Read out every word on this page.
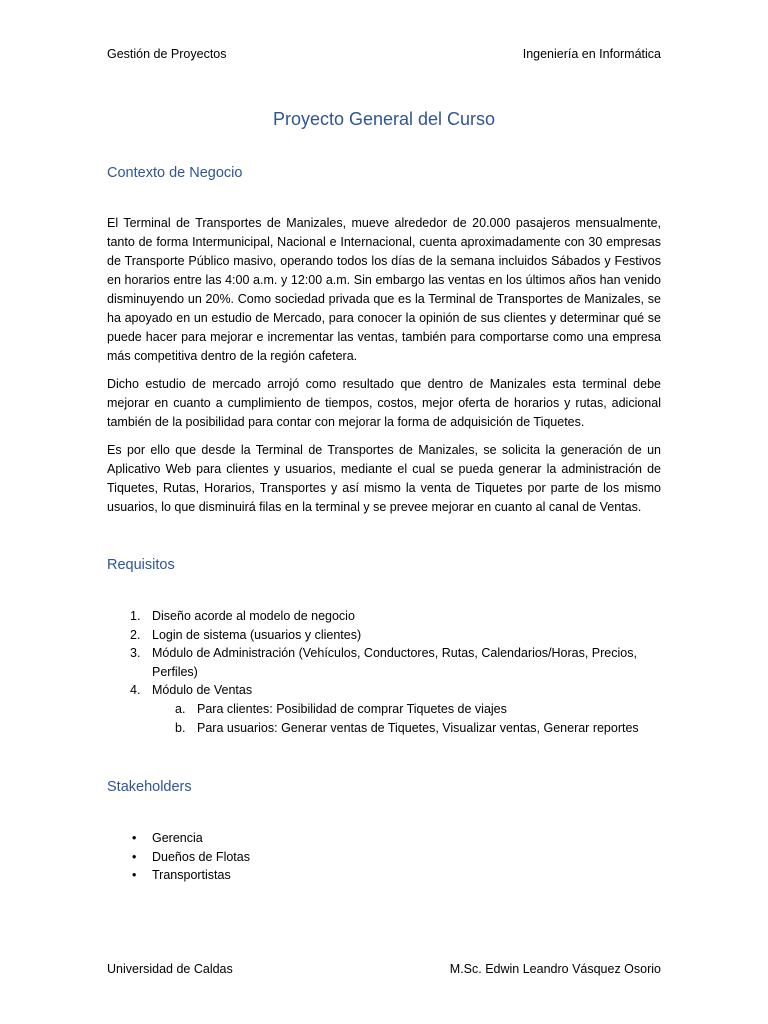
Gestión de Proyectos	Ingeniería en Informática
Proyecto General del Curso
Contexto de Negocio

El Terminal de Transportes de Manizales, mueve alrededor de 20.000 pasajeros mensualmente, tanto de forma Intermunicipal, Nacional e Internacional, cuenta aproximadamente con 30 empresas de Transporte Público masivo, operando todos los días de la semana incluidos Sábados y Festivos en horarios entre las 4:00 a.m. y 12:00 a.m. Sin embargo las ventas en los últimos años han venido disminuyendo un 20%. Como sociedad privada que es la Terminal de Transportes de Manizales, se ha apoyado en un estudio de Mercado, para conocer la opinión de sus clientes y determinar qué se puede hacer para mejorar e incrementar las ventas, también para comportarse como una empresa más competitiva dentro de la región cafetera.

Dicho estudio de mercado arrojó como resultado que dentro de Manizales esta terminal debe mejorar en cuanto a cumplimiento de tiempos, costos, mejor oferta de horarios y rutas, adicional también de la posibilidad para contar con mejorar la forma de adquisición de Tiquetes.

Es por ello que desde la Terminal de Transportes de Manizales, se solicita la generación de un Aplicativo Web para clientes y usuarios, mediante el cual se pueda generar la administración de Tiquetes, Rutas, Horarios, Transportes y así mismo la venta de Tiquetes por parte de los mismo usuarios, lo que disminuirá filas en la terminal y se prevee mejorar en cuanto al canal de Ventas.

Requisitos
1. Diseño acorde al modelo de negocio
2. Login de sistema (usuarios y clientes)
3. Módulo de Administración (Vehículos, Conductores, Rutas, Calendarios/Horas, Precios, Perfiles)
4. Módulo de Ventas
a. Para clientes: Posibilidad de comprar Tiquetes de viajes
b. Para usuarios: Generar ventas de Tiquetes, Visualizar ventas, Generar reportes
Stakeholders
• Gerencia
• Dueños de Flotas
• Transportistas
Universidad de Caldas	M.Sc. Edwin Leandro Vásquez Osorio
